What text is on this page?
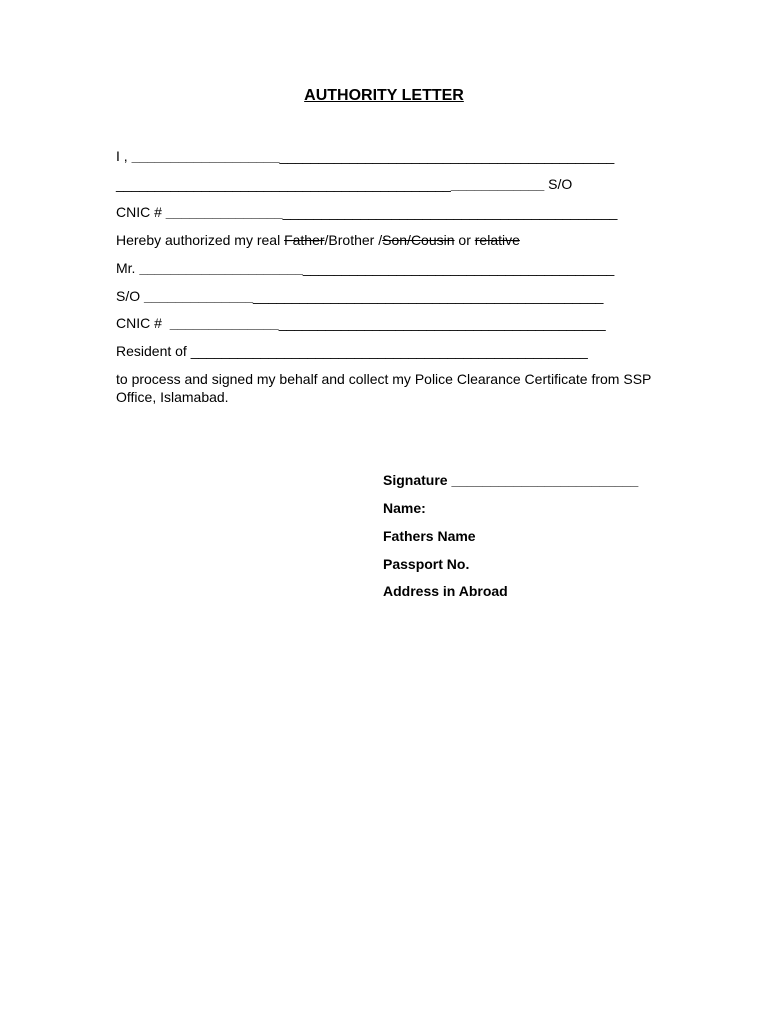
AUTHORITY LETTER
I , ______________________________________________________________
_______________________________________________________ S/O
CNIC # __________________________________________________________
Hereby authorized my real Father/Brother /Son/Cousin or relative
Mr. _____________________________________________________________
S/O ___________________________________________________________
CNIC # ________________________________________________________
Resident of ___________________________________________________
to process and signed my behalf and collect my Police Clearance Certificate from SSP Office, Islamabad.
Signature ________________________
Name:
Fathers Name
Passport No.
Address in Abroad
